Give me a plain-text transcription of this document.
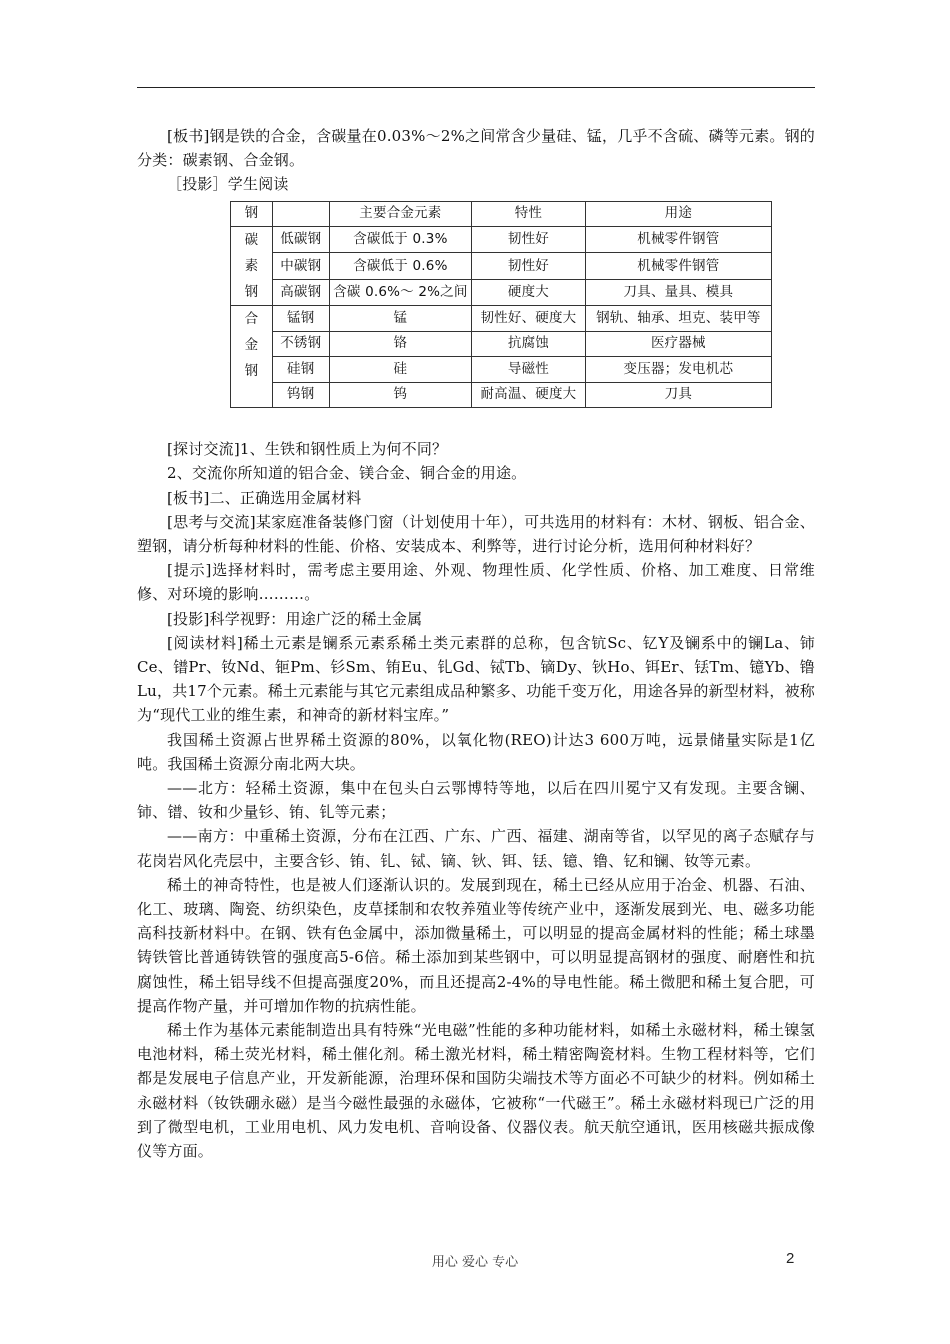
[板书]钢是铁的合金，含碳量在0.03%～2%之间常含少量硅、锰，几乎不含硫、磷等元素。钢的分类：碳素钢、合金钢。

［投影］学生阅读

钢		主要合金元素	特性	用途

碳
素
钢	低碳钢	含碳低于 0.3%	韧性好	机械零件钢管
	中碳钢	含碳低于 0.6%	韧性好	机械零件钢管
	高碳钢	含碳 0.6%～ 2%之间	硬度大	刀具、量具、模具

合
金
钢	锰钢	锰	韧性好、硬度大	钢轨、轴承、坦克、装甲等
	不锈钢	铬	抗腐蚀	医疗器械
	硅钢	硅	导磁性	变压器；发电机芯
	钨钢	钨	耐高温、硬度大	刀具

[探讨交流]1、生铁和钢性质上为何不同？

2、交流你所知道的铝合金、镁合金、铜合金的用途。

[板书]二、正确选用金属材料

[思考与交流]某家庭准备装修门窗（计划使用十年），可共选用的材料有：木材、钢板、铝合金、塑钢，请分析每种材料的性能、价格、安装成本、利弊等，进行讨论分析，选用何种材料好？

[提示]选择材料时，需考虑主要用途、外观、物理性质、化学性质、价格、加工难度、日常维修、对环境的影响………。

[投影]科学视野：用途广泛的稀土金属

[阅读材料]稀土元素是镧系元素系稀土类元素群的总称，包含钪Sc、钇Y及镧系中的镧La、铈Ce、镨Pr、钕Nd、钷Pm、钐Sm、铕Eu、钆Gd、铽Tb、镝Dy、钬Ho、铒Er、铥Tm、镱Yb、镥Lu，共17个元素。稀土元素能与其它元素组成品种繁多、功能千变万化，用途各异的新型材料，被称为“现代工业的维生素，和神奇的新材料宝库。”

我国稀土资源占世界稀土资源的80%，以氧化物(REO)计达3 600万吨，远景储量实际是1亿吨。我国稀土资源分南北两大块。

——北方：轻稀土资源，集中在包头白云鄂博特等地，以后在四川冕宁又有发现。主要含镧、铈、镨、钕和少量钐、铕、钆等元素；

——南方：中重稀土资源，分布在江西、广东、广西、福建、湖南等省，以罕见的离子态赋存与花岗岩风化壳层中，主要含钐、铕、钆、铽、镝、钬、铒、铥、镱、镥、钇和镧、钕等元素。

稀土的神奇特性，也是被人们逐渐认识的。发展到现在，稀土已经从应用于冶金、机器、石油、化工、玻璃、陶瓷、纺织染色，皮草揉制和农牧养殖业等传统产业中，逐渐发展到光、电、磁多功能高科技新材料中。在钢、铁有色金属中，添加微量稀土，可以明显的提高金属材料的性能；稀土球墨铸铁管比普通铸铁管的强度高5-6倍。稀土添加到某些钢中，可以明显提高钢材的强度、耐磨性和抗腐蚀性，稀土铝导线不但提高强度20%，而且还提高2-4%的导电性能。稀土微肥和稀土复合肥，可提高作物产量，并可增加作物的抗病性能。

稀土作为基体元素能制造出具有特殊“光电磁”性能的多种功能材料，如稀土永磁材料，稀土镍氢电池材料，稀土荧光材料，稀土催化剂。稀土激光材料，稀土精密陶瓷材料。生物工程材料等，它们都是发展电子信息产业，开发新能源，治理环保和国防尖端技术等方面必不可缺少的材料。例如稀土永磁材料（钕铁硼永磁）是当今磁性最强的永磁体，它被称“一代磁王”。稀土永磁材料现已广泛的用到了微型电机，工业用电机、风力发电机、音响设备、仪器仪表。航天航空通讯，医用核磁共振成像仪等方面。

用心 爱心 专心	2
